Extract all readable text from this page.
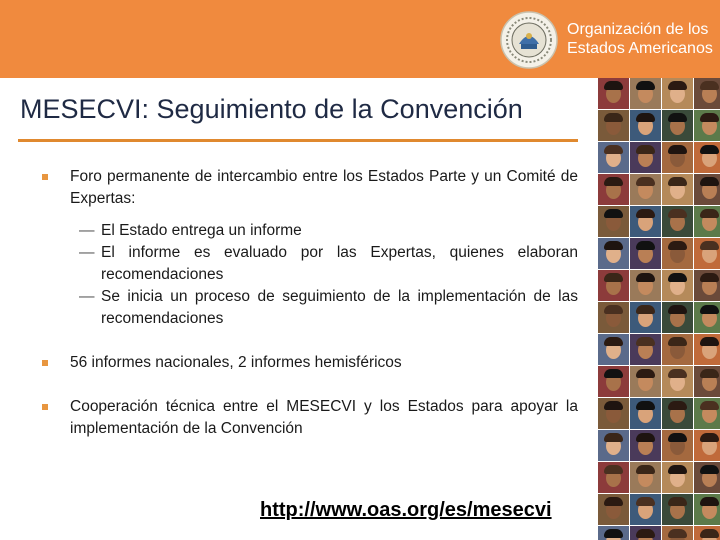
Organización de los
Estados Americanos
MESECVI: Seguimiento de la Convención
Foro permanente de intercambio entre los Estados Parte y un Comité de Expertas:
— El Estado entrega un informe
— El informe es evaluado por las Expertas, quienes elaboran recomendaciones
— Se inicia un proceso de seguimiento de la implementación de las recomendaciones
56 informes nacionales, 2 informes hemisféricos
Cooperación técnica entre el MESECVI y los Estados para apoyar la implementación de la Convención
http://www.oas.org/es/mesecvi
